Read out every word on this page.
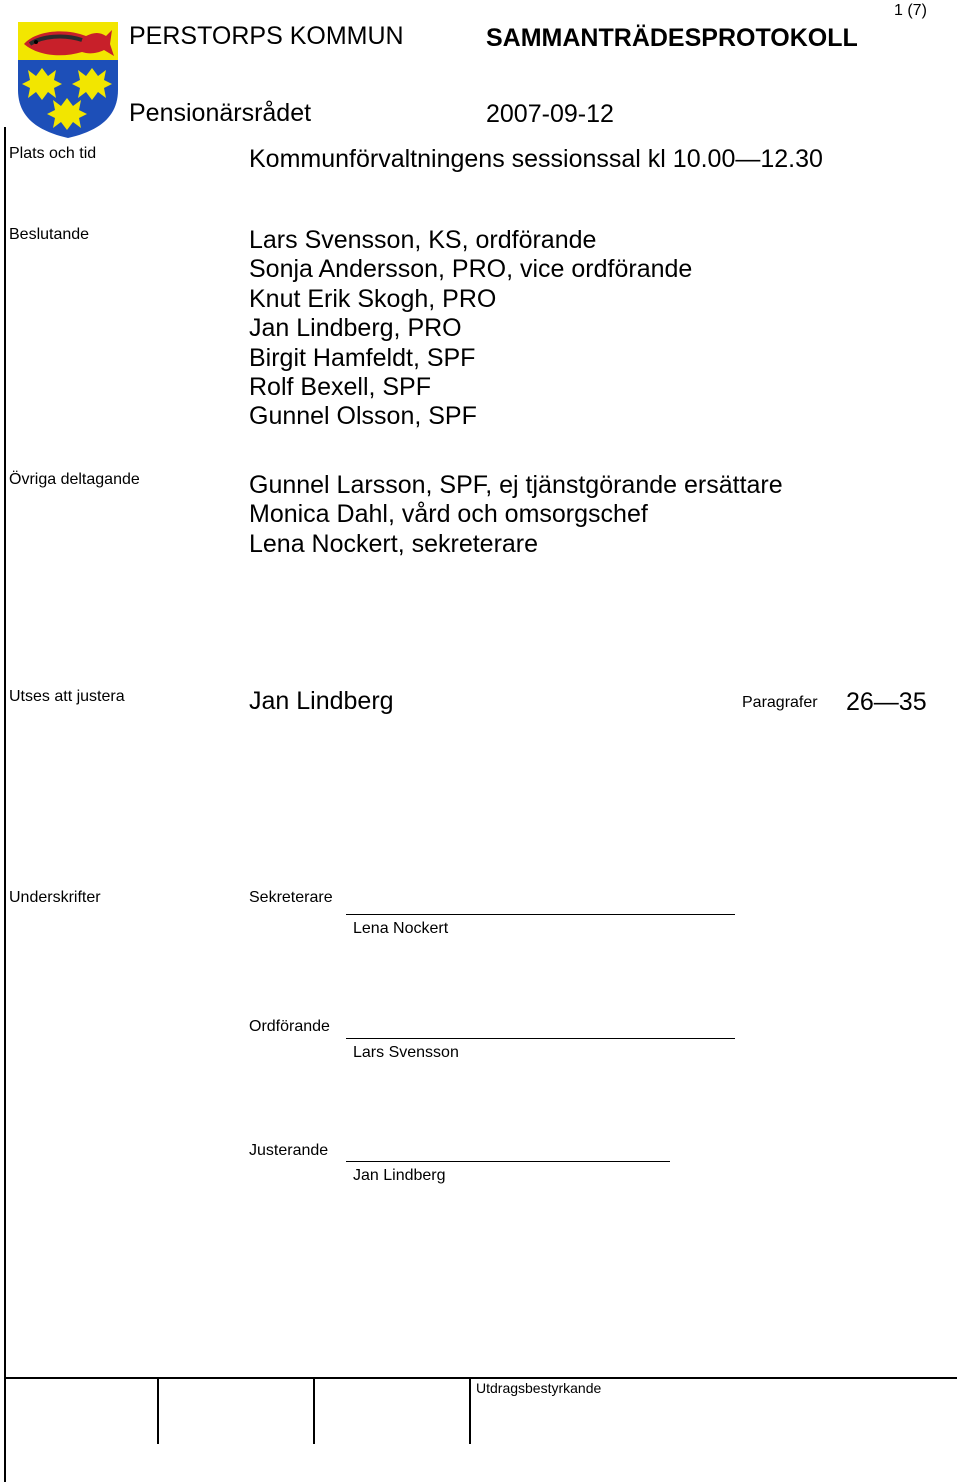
PERSTORPS KOMMUN	SAMMANTRÄDESPROTOKOLL
1 (7)
Pensionärsrådet	2007-09-12
Plats och tid	Kommunförvaltningens sessionssal kl 10.00—12.30
Beslutande	Lars Svensson, KS, ordförande
Sonja Andersson, PRO, vice ordförande
Knut Erik Skogh, PRO
Jan Lindberg, PRO
Birgit Hamfeldt, SPF
Rolf Bexell, SPF
Gunnel Olsson, SPF
Övriga deltagande	Gunnel Larsson, SPF, ej tjänstgörande ersättare
Monica Dahl, vård och omsorgschef
Lena Nockert, sekreterare
Utses att justera	Jan Lindberg	Paragrafer 26—35
Underskrifter	Sekreterare
Lena Nockert
Ordförande
Lars Svensson
Justerande
Jan Lindberg
Utdragsbestyrkande
